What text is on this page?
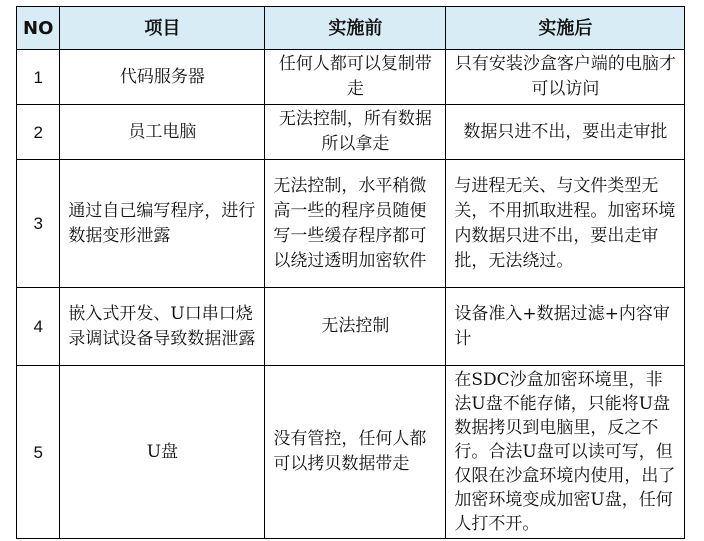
NO	项目	实施前	实施后
1	代码服务器	任何人都可以复制带走	只有安装沙盒客户端的电脑才可以访问
2	员工电脑	无法控制，所有数据所以拿走	数据只进不出，要出走审批
3	通过自己编写程序，进行数据变形泄露	无法控制，水平稍微高一些的程序员随便写一些缓存程序都可以绕过透明加密软件	与进程无关、与文件类型无关，不用抓取进程。加密环境内数据只进不出，要出走审批，无法绕过。
4	嵌入式开发、U口串口烧录调试设备导致数据泄露	无法控制	设备准入+数据过滤+内容审计
5	U盘	没有管控，任何人都可以拷贝数据带走	在SDC沙盒加密环境里，非法U盘不能存储，只能将U盘数据拷贝到电脑里，反之不行。合法U盘可以读可写，但仅限在沙盒环境内使用，出了加密环境变成加密U盘，任何人打不开。
